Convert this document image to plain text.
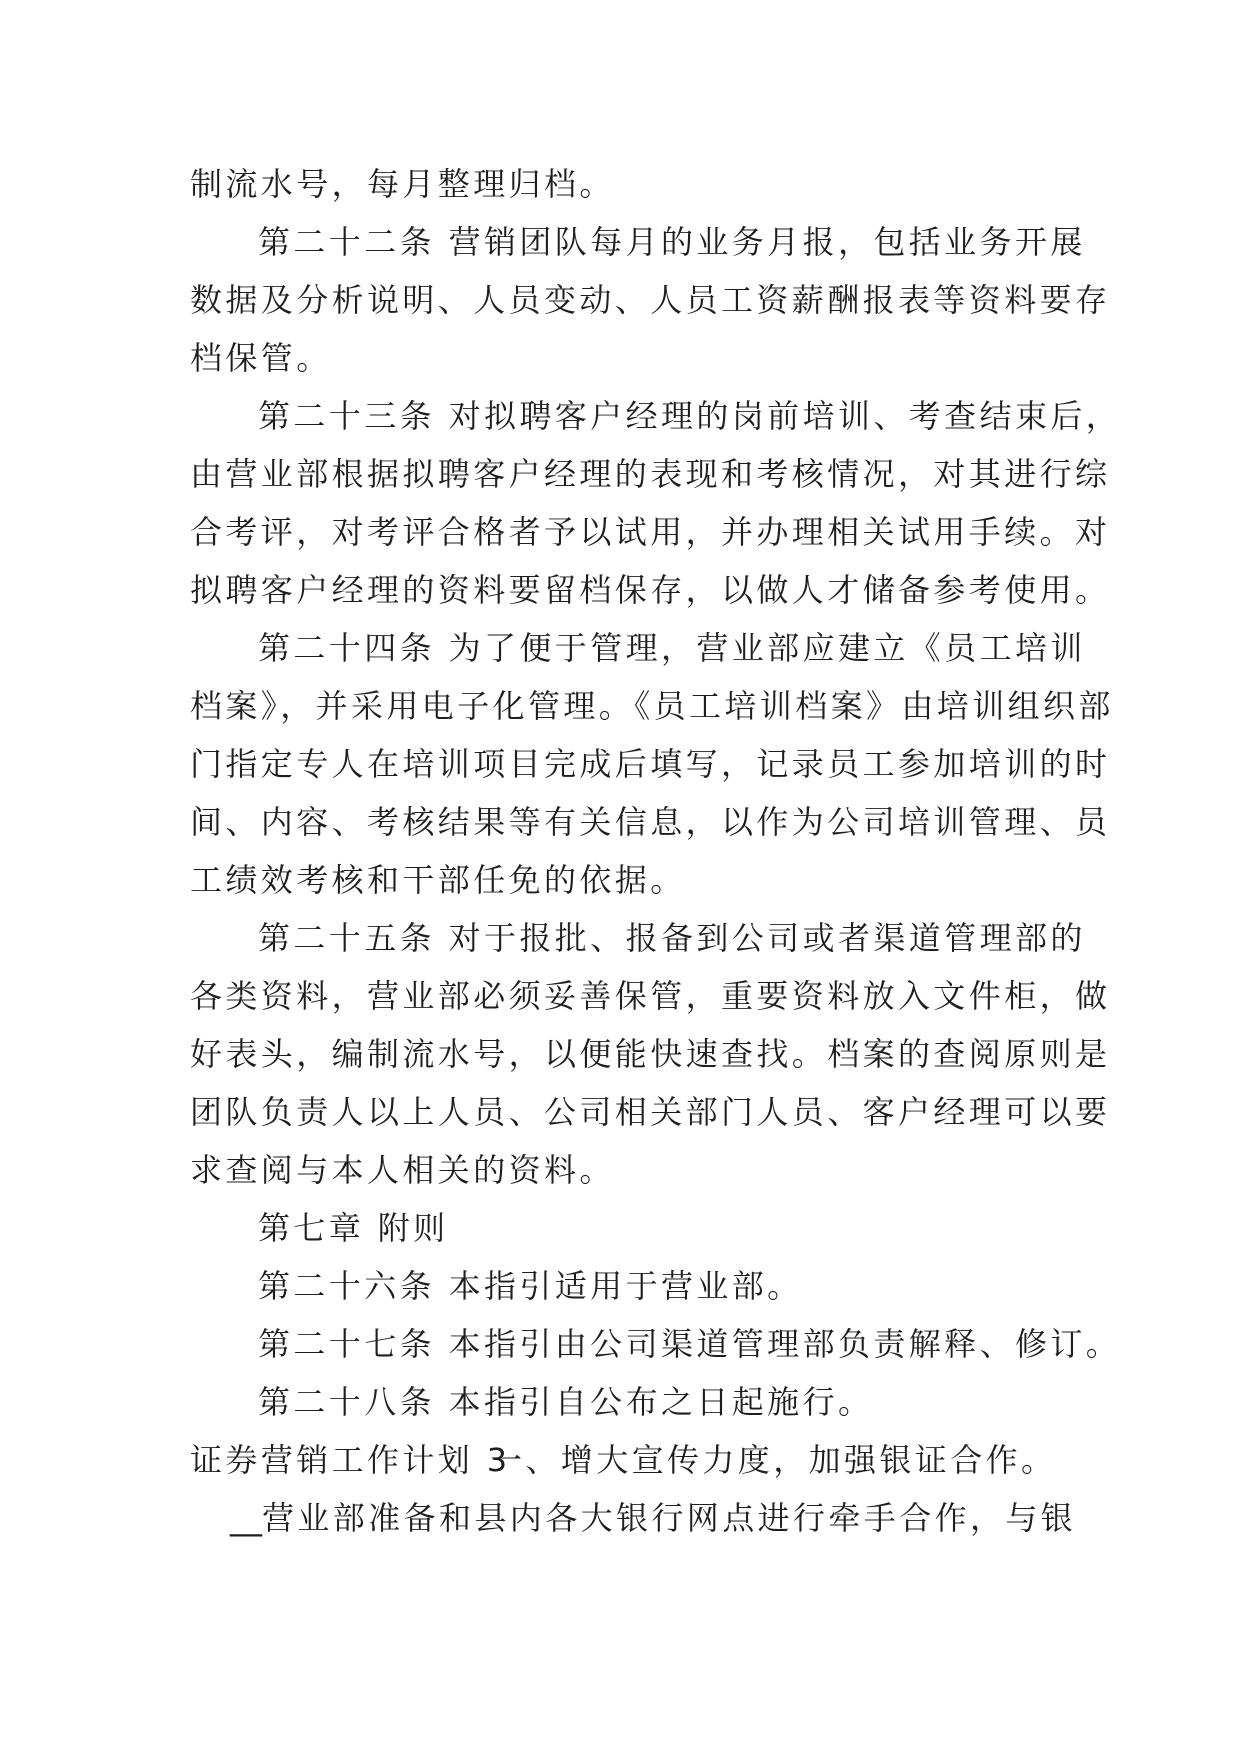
制流水号，每月整理归档。
第二十二条 营销团队每月的业务月报，包括业务开展
数据及分析说明、人员变动、人员工资薪酬报表等资料要存
档保管。
第二十三条 对拟聘客户经理的岗前培训、考查结束后，
由营业部根据拟聘客户经理的表现和考核情况，对其进行综
合考评，对考评合格者予以试用，并办理相关试用手续。对
拟聘客户经理的资料要留档保存，以做人才储备参考使用。
第二十四条 为了便于管理，营业部应建立《员工培训
档案》，并采用电子化管理。《员工培训档案》由培训组织部
门指定专人在培训项目完成后填写，记录员工参加培训的时
间、内容、考核结果等有关信息，以作为公司培训管理、员
工绩效考核和干部任免的依据。
第二十五条 对于报批、报备到公司或者渠道管理部的
各类资料，营业部必须妥善保管，重要资料放入文件柜，做
好表头，编制流水号，以便能快速查找。档案的查阅原则是
团队负责人以上人员、公司相关部门人员、客户经理可以要
求查阅与本人相关的资料。
第七章 附则
第二十六条 本指引适用于营业部。
第二十七条 本指引由公司渠道管理部负责解释、修订。
第二十八条 本指引自公布之日起施行。
证券营销工作计划 3一、增大宣传力度，加强银证合作。
__营业部准备和县内各大银行网点进行牵手合作，与银
